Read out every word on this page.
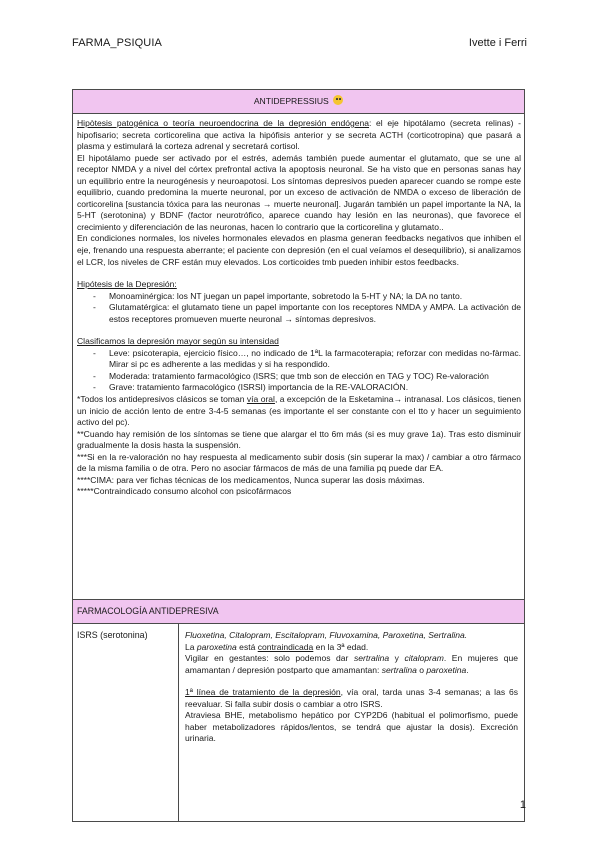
FARMA_PSIQUIA	Ivette i Ferri
ANTIDEPRESSIUS

Hipòtesis patogénica o teoría neuroendocrina de la depresión endógena: el eje hipotálamo (secreta relinas) - hipofisario; secreta corticorelina que activa la hipófisis anterior y se secreta ACTH (corticotropina) que pasará a plasma y estimulará la corteza adrenal y secretará cortisol.

El hipotálamo puede ser activado por el estrés, además también puede aumentar el glutamato, que se une al receptor NMDA y a nivel del córtex prefrontal activa la apoptosis neuronal. Se ha visto que en personas sanas hay un equilibrio entre la neurogénesis y neuroapotosi. Los síntomas depresivos pueden aparecer cuando se rompe este equilibrio, cuando predomina la muerte neuronal, por un exceso de activación de NMDA o exceso de liberación de corticorelina [sustancia tóxica para las neuronas → muerte neuronal]. Jugarán también un papel importante la NA, la 5-HT (serotonina) y BDNF (factor neurotrófico, aparece cuando hay lesión en las neuronas), que favorece el crecimiento y diferenciación de las neuronas, hacen lo contrario que la corticorelina y glutamato..

En condiciones normales, los niveles hormonales elevados en plasma generan feedbacks negativos que inhiben el eje, frenando una respuesta aberrante; el paciente con depresión (en el cual veíamos el desequilibrio), si analizamos el LCR, los niveles de CRF están muy elevados. Los corticoides tmb pueden inhibir estos feedbacks.

Hipótesis de la Depresión:

-	Monoaminérgica: los NT juegan un papel importante, sobretodo la 5-HT y NA; la DA no tanto.
-	Glutamatérgica: el glutamato tiene un papel importante con los receptores NMDA y AMPA. La activación de estos receptores promueven muerte neuronal → síntomas depresivos.

Clasificamos la depresión mayor según su intensidad

-	Leve: psicoterapia, ejercicio físico…, no indicado de 1ªL la farmacoterapia; reforzar con medidas no-fàrmac. Mirar si pc es adherente a las medidas y si ha respondido.
-	Moderada: tratamiento farmacológico (ISRS; que tmb son de elección en TAG y TOC) Re-valoración
-	Grave: tratamiento farmacológico (ISRSI) importancia de la RE-VALORACIÓN.

*Todos los antidepresivos clásicos se toman vía oral, a excepción de la Esketamina→ intranasal. Los clásicos, tienen un inicio de acción lento de entre 3-4-5 semanas (es importante el ser constante con el tto y hacer un seguimiento activo del pc).

**Cuando hay remisión de los síntomas se tiene que alargar el tto 6m más (si es muy grave 1a). Tras esto disminuir gradualmente la dosis hasta la suspensión.

***Si en la re-valoración no hay respuesta al medicamento subir dosis (sin superar la max) / cambiar a otro fármaco de la misma familia o de otra. Pero no asociar fármacos de más de una familia pq puede dar EA.

****CIMA: para ver fichas técnicas de los medicamentos, Nunca superar las dosis máximas.

*****Contraindicado consumo alcohol con psicofármacos

FARMACOLOGÍA ANTIDEPRESIVA
ISRS (serotonina)	Fluoxetina, Citalopram, Escitalopram, Fluvoxamina, Paroxetina, Sertralina.

La paroxetina está contraindicada en la 3ª edad.

Vigilar en gestantes: solo podemos dar sertralina y citalopram. En mujeres que amamantan / depresión postparto que amamantan: sertralina o paroxetina.

1ª línea de tratamiento de la depresión, vía oral, tarda unas 3-4 semanas; a las 6s reevaluar. Si falla subir dosis o cambiar a otro ISRS.

Atraviesa BHE, metabolismo hepático por CYP2D6 (habitual el polimorfismo, puede haber metabolizadores rápidos/lentos, se tendrá que ajustar la dosis). Excreción urinaria.

1
